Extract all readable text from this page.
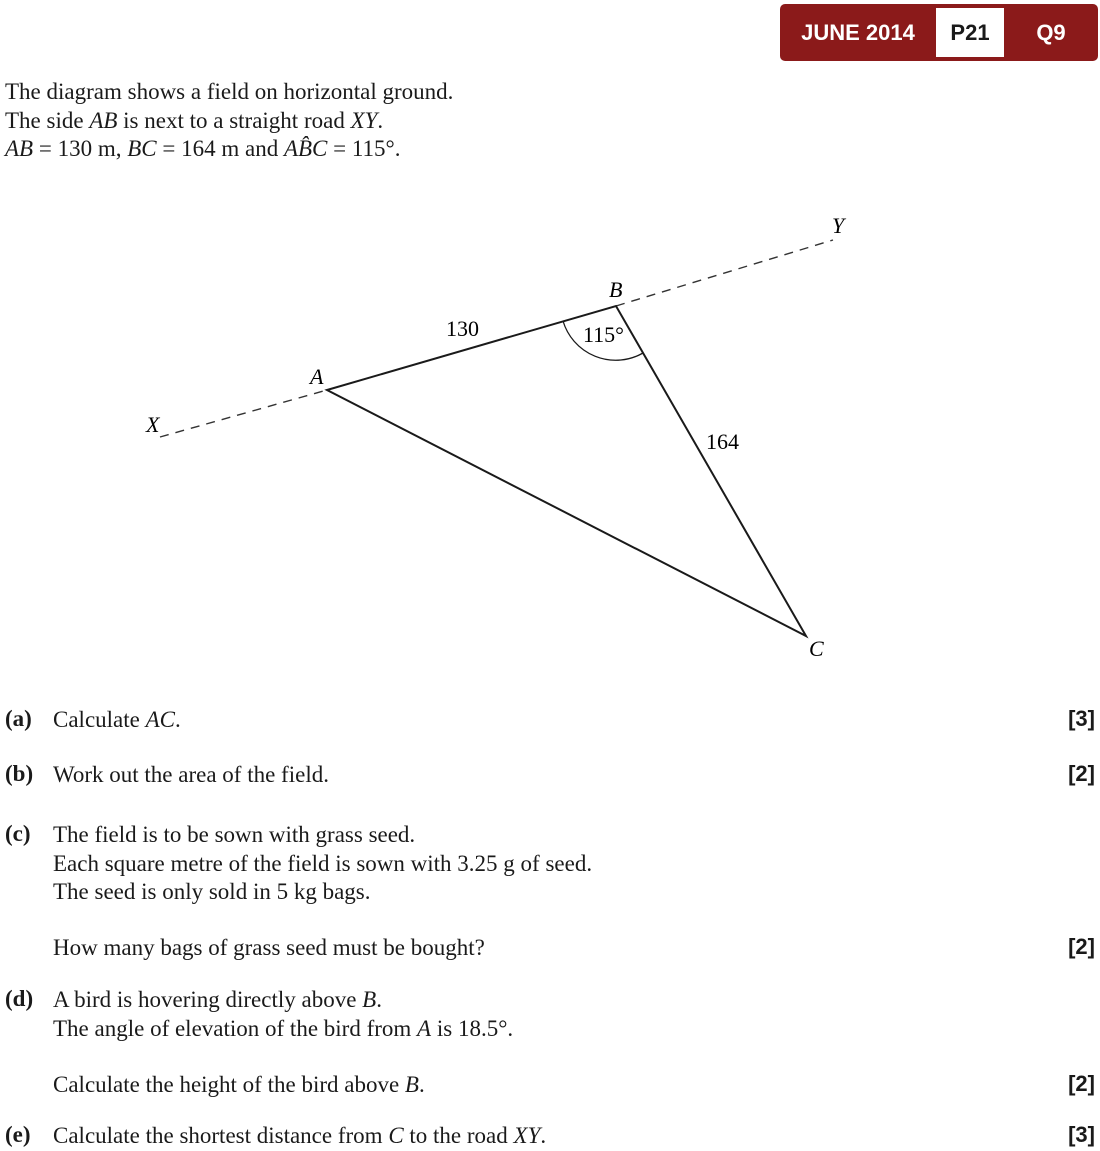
JUNE 2014	P21	Q9
The diagram shows a field on horizontal ground.
The side AB is next to a straight road XY.
AB = 130 m, BC = 164 m and AB̂C = 115°.
X
A
B
Y
C
130
164
115°
(a) Calculate AC.	[3]
(b) Work out the area of the field.	[2]
(c) The field is to be sown with grass seed.
Each square metre of the field is sown with 3.25 g of seed.
The seed is only sold in 5 kg bags.
How many bags of grass seed must be bought?	[2]
(d) A bird is hovering directly above B.
The angle of elevation of the bird from A is 18.5°.
Calculate the height of the bird above B.	[2]
(e) Calculate the shortest distance from C to the road XY.	[3]
